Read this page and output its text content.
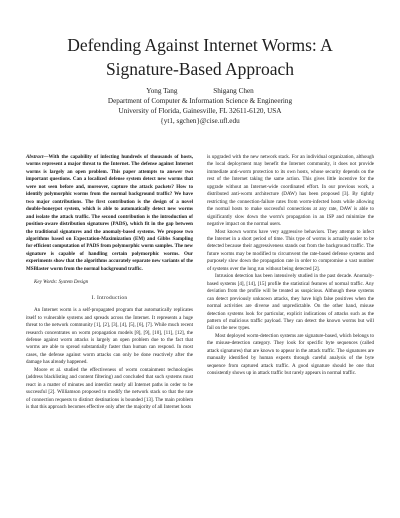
Defending Against Internet Worms: A
Signature-Based Approach
Yong Tang	Shigang Chen
Department of Computer & Information Science & Engineering
University of Florida, Gainesville, FL 32611-6120, USA
{yt1, sgchen}@cise.ufl.edu
Abstract—With the capability of infecting hundreds of thousands of hosts, worms represent a major threat to the Internet. The defense against Internet worms is largely an open problem. This paper attempts to answer two important questions. Can a localized defense system detect new worms that were not seen before and, moreover, capture the attack packets? How to identify polymorphic worms from the normal background traffic? We have two major contributions. The first contribution is the design of a novel double-honeypot system, which is able to automatically detect new worms and isolate the attack traffic. The second contribution is the introduction of position-aware distribution signatures (PADS), which fit in the gap between the traditional signatures and the anomaly-based systems. We propose two algorithms based on Expectation-Maximization (EM) and Gibbs Sampling for efficient computation of PADS from polymorphic worm samples. The new signature is capable of handling certain polymorphic worms. Our experiments show that the algorithms accurately separate new variants of the MSBlaster worm from the normal background traffic.
Key Words: System Design
I. Introduction

An Internet worm is a self-propagated program that automatically replicates itself to vulnerable systems and spreads across the Internet. It represents a huge threat to the network community [1], [2], [3], [4], [5], [6], [7]. While much recent research concentrates on worm propagation models [8], [9], [10], [11], [12], the defense against worm attacks is largely an open problem due to the fact that worms are able to spread substantially faster than human can respond. In most cases, the defense against worm attacks can only be done reactively after the damage has already happened.

Moore et al. studied the effectiveness of worm containment technologies (address blacklisting and content filtering) and concluded that such systems must react in a matter of minutes and interdict nearly all Internet paths in order to be successful [2]. Williamson proposed to modify the network stack so that the rate of connection requests to distinct destinations is bounded [13]. The main problem is that this approach becomes effective only after the majority of all Internet hosts

is upgraded with the new network stack. For an individual organization, although the local deployment may benefit the Internet community, it does not provide immediate anti-worm protection to its own hosts, whose security depends on the rest of the Internet taking the same action. This gives little incentive for the upgrade without an Internet-wide coordinated effort. In our previous work, a distributed anti-worm architecture (DAW) has been proposed [3]. By tightly restricting the connection-failure rates from worm-infected hosts while allowing the normal hosts to make successful connections at any rate, DAW is able to significantly slow down the worm's propagation in an ISP and minimize the negative impact on the normal users.

Most known worms have very aggressive behaviors. They attempt to infect the Internet in a short period of time. This type of worms is actually easier to be detected because their aggressiveness stands out from the background traffic. The future worms may be modified to circumvent the rate-based defense systems and purposely slow down the propagation rate in order to compromise a vast number of systems over the long run without being detected [2].

Intrusion detection has been intensively studied in the past decade. Anomaly-based systems [4], [14], [15] profile the statistical features of normal traffic. Any deviation from the profile will be treated as suspicious. Although these systems can detect previously unknown attacks, they have high false positives when the normal activities are diverse and unpredictable. On the other hand, misuse detection systems look for particular, explicit indications of attacks such as the pattern of malicious traffic payload. They can detect the known worms but will fail on the new types.

Most deployed worm-detection systems are signature-based, which belongs to the misuse-detection category. They look for specific byte sequences (called attack signatures) that are known to appear in the attack traffic. The signatures are manually identified by human experts through careful analysis of the byte sequence from captured attack traffic. A good signature should be one that consistently shows up in attack traffic but rarely appears in normal traffic.
